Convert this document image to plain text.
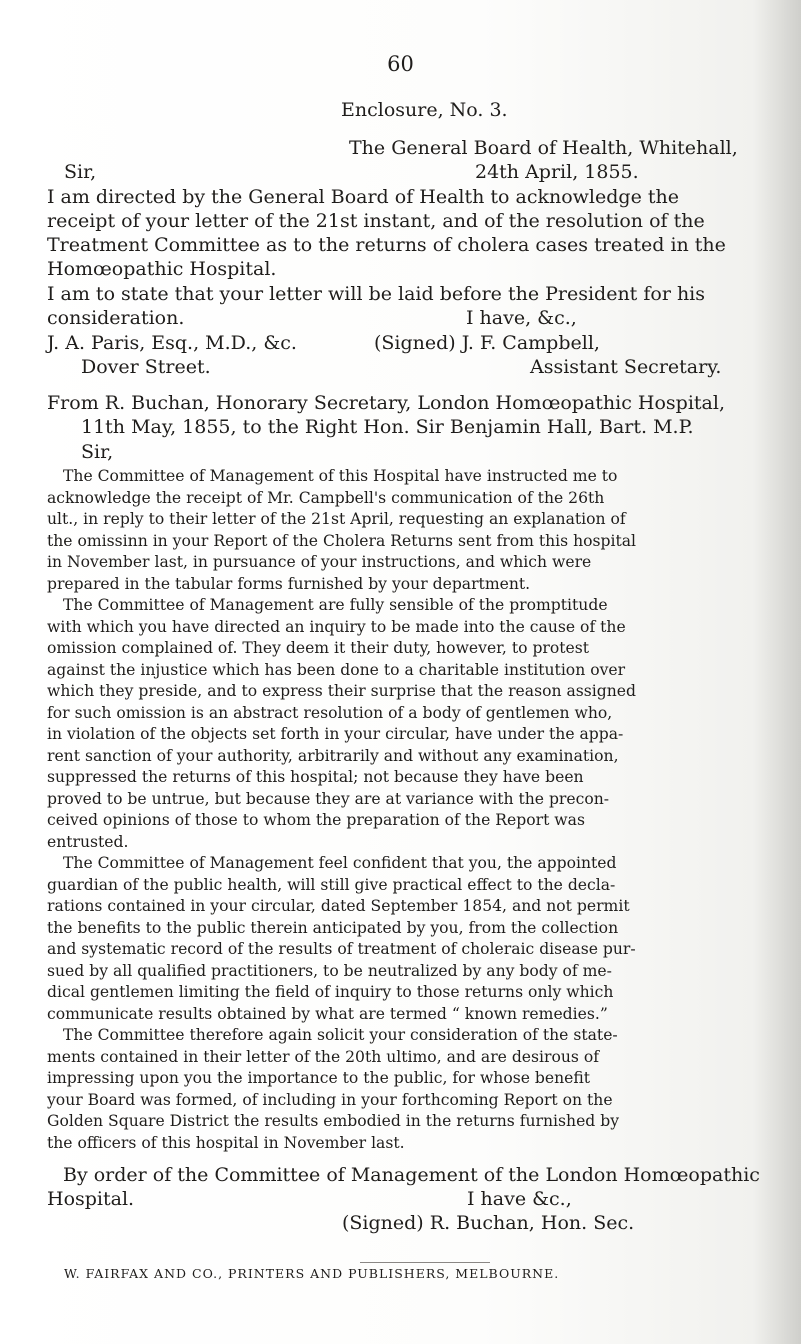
60
Enclosure, No. 3.
The General Board of Health, Whitehall,
Sir,	24th April, 1855.
I am directed by the General Board of Health to acknowledge the
receipt of your letter of the 21st instant, and of the resolution of the
Treatment Committee as to the returns of cholera cases treated in the
Homœopathic Hospital.
I am to state that your letter will be laid before the President for his
consideration.	I have, &c.,
J. A. Paris, Esq., M.D., &c.
Dover Street.
(Signed) J. F. Campbell,
Assistant Secretary.
From R. Buchan, Honorary Secretary, London Homœopathic Hospital,
11th May, 1855, to the Right Hon. Sir Benjamin Hall, Bart. M.P.
Sir,
The Committee of Management of this Hospital have instructed me to
acknowledge the receipt of Mr. Campbell's communication of the 26th
ult., in reply to their letter of the 21st April, requesting an explanation of
the omissinn in your Report of the Cholera Returns sent from this hospital
in November last, in pursuance of your instructions, and which were
prepared in the tabular forms furnished by your department.
The Committee of Management are fully sensible of the promptitude
with which you have directed an inquiry to be made into the cause of the
omission complained of. They deem it their duty, however, to protest
against the injustice which has been done to a charitable institution over
which they preside, and to express their surprise that the reason assigned
for such omission is an abstract resolution of a body of gentlemen who,
in violation of the objects set forth in your circular, have under the appa-
rent sanction of your authority, arbitrarily and without any examination,
suppressed the returns of this hospital; not because they have been
proved to be untrue, but because they are at variance with the precon-
ceived opinions of those to whom the preparation of the Report was
entrusted.
The Committee of Management feel confident that you, the appointed
guardian of the public health, will still give practical effect to the decla-
rations contained in your circular, dated September 1854, and not permit
the benefits to the public therein anticipated by you, from the collection
and systematic record of the results of treatment of choleraic disease pur-
sued by all qualified practitioners, to be neutralized by any body of me-
dical gentlemen limiting the field of inquiry to those returns only which
communicate results obtained by what are termed “ known remedies.”
The Committee therefore again solicit your consideration of the state-
ments contained in their letter of the 20th ultimo, and are desirous of
impressing upon you the importance to the public, for whose benefit
your Board was formed, of including in your forthcoming Report on the
Golden Square District the results embodied in the returns furnished by
the officers of this hospital in November last.
By order of the Committee of Management of the London Homœopathic
Hospital.	I have &c.,
(Signed) R. Buchan, Hon. Sec.
W. FAIRFAX AND CO., PRINTERS AND PUBLISHERS, MELBOURNE.
